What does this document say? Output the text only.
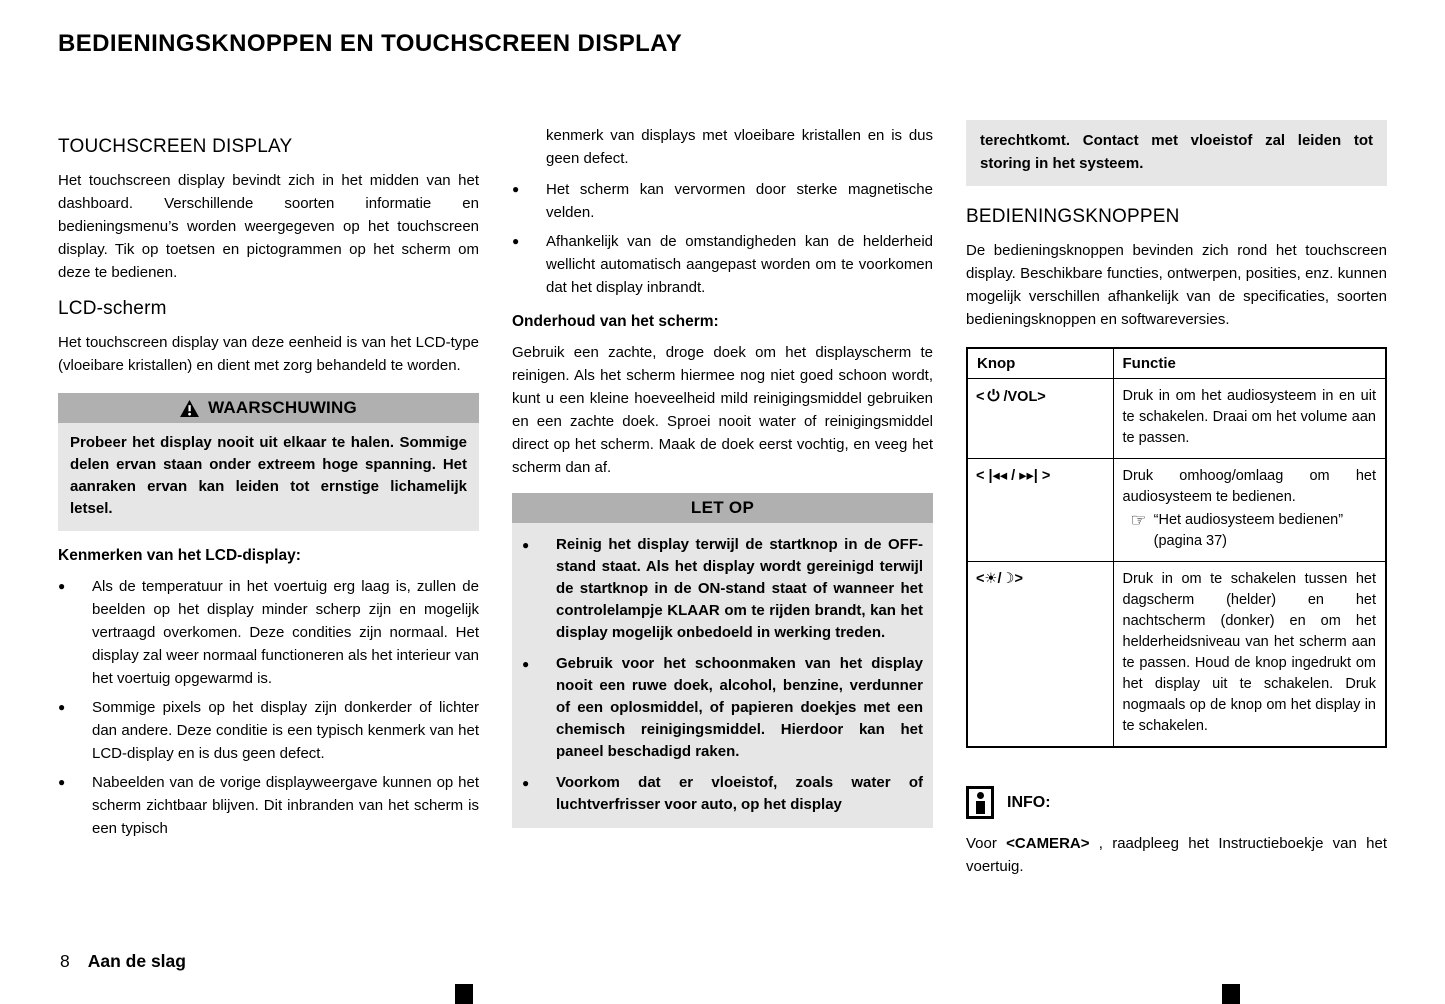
BEDIENINGSKNOPPEN EN TOUCHSCREEN DISPLAY
TOUCHSCREEN DISPLAY

Het touchscreen display bevindt zich in het midden van het dashboard. Verschillende soorten informatie en bedieningsmenu’s worden weergegeven op het touchscreen display. Tik op toetsen en pictogrammen op het scherm om deze te bedienen.

LCD-scherm

Het touchscreen display van deze eenheid is van het LCD-type (vloeibare kristallen) en dient met zorg behandeld te worden.

WAARSCHUWING
Probeer het display nooit uit elkaar te halen. Sommige delen ervan staan onder extreem hoge spanning. Het aanraken ervan kan leiden tot ernstige lichamelijk letsel.
Kenmerken van het LCD-display:

● Als de temperatuur in het voertuig erg laag is, zullen de beelden op het display minder scherp zijn en mogelijk vertraagd overkomen. Deze condities zijn normaal. Het display zal weer normaal functioneren als het interieur van het voertuig opgewarmd is.

● Sommige pixels op het display zijn donkerder of lichter dan andere. Deze conditie is een typisch kenmerk van het LCD-display en is dus geen defect.

● Nabeelden van de vorige displayweergave kunnen op het scherm zichtbaar blijven. Dit inbranden van het scherm is een typisch

kenmerk van displays met vloeibare kristallen en is dus geen defect.

● Het scherm kan vervormen door sterke magnetische velden.

● Afhankelijk van de omstandigheden kan de helderheid wellicht automatisch aangepast worden om te voorkomen dat het display inbrandt.

Onderhoud van het scherm:

Gebruik een zachte, droge doek om het displayscherm te reinigen. Als het scherm hiermee nog niet goed schoon wordt, kunt u een kleine hoeveelheid mild reinigingsmiddel gebruiken en een zachte doek. Sproei nooit water of reinigingsmiddel direct op het scherm. Maak de doek eerst vochtig, en veeg het scherm dan af.

LET OP

● Reinig het display terwijl de startknop in de OFF-stand staat. Als het display wordt gereinigd terwijl de startknop in de ON-stand staat of wanneer het controlelampje KLAAR om te rijden brandt, kan het display mogelijk onbedoeld in werking treden.

● Gebruik voor het schoonmaken van het display nooit een ruwe doek, alcohol, benzine, verdunner of een oplosmiddel, of papieren doekjes met een chemisch reinigingsmiddel. Hierdoor kan het paneel beschadigd raken.

● Voorkom dat er vloeistof, zoals water of luchtverfrisser voor auto, op het display

terechtkomt. Contact met vloeistof zal leiden tot storing in het systeem.
BEDIENINGSKNOPPEN

De bedieningsknoppen bevinden zich rond het touchscreen display. Beschikbare functies, ontwerpen, posities, enz. kunnen mogelijk verschillen afhankelijk van de specificaties, soorten bedieningsknoppen en softwareversies.

Knop	Functie
< /VOL>	Druk in om het audiosysteem in en uit te schakelen. Draai om het volume aan te passen.
< |◂◂ / ▸▸| >	Druk omhoog/omlaag om het audiosysteem te bedienen.
☞ “Het audiosysteem bedienen” (pagina 37)

<☀/☽>	Druk in om te schakelen tussen het dagscherm (helder) en het nachtscherm (donker) en om het helderheidsniveau van het scherm aan te passen. Houd de knop ingedrukt om het display uit te schakelen. Druk nogmaals op de knop om het display in te schakelen.
INFO:

Voor <CAMERA> , raadpleeg het Instructieboekje van het voertuig.

8 Aan de slag
